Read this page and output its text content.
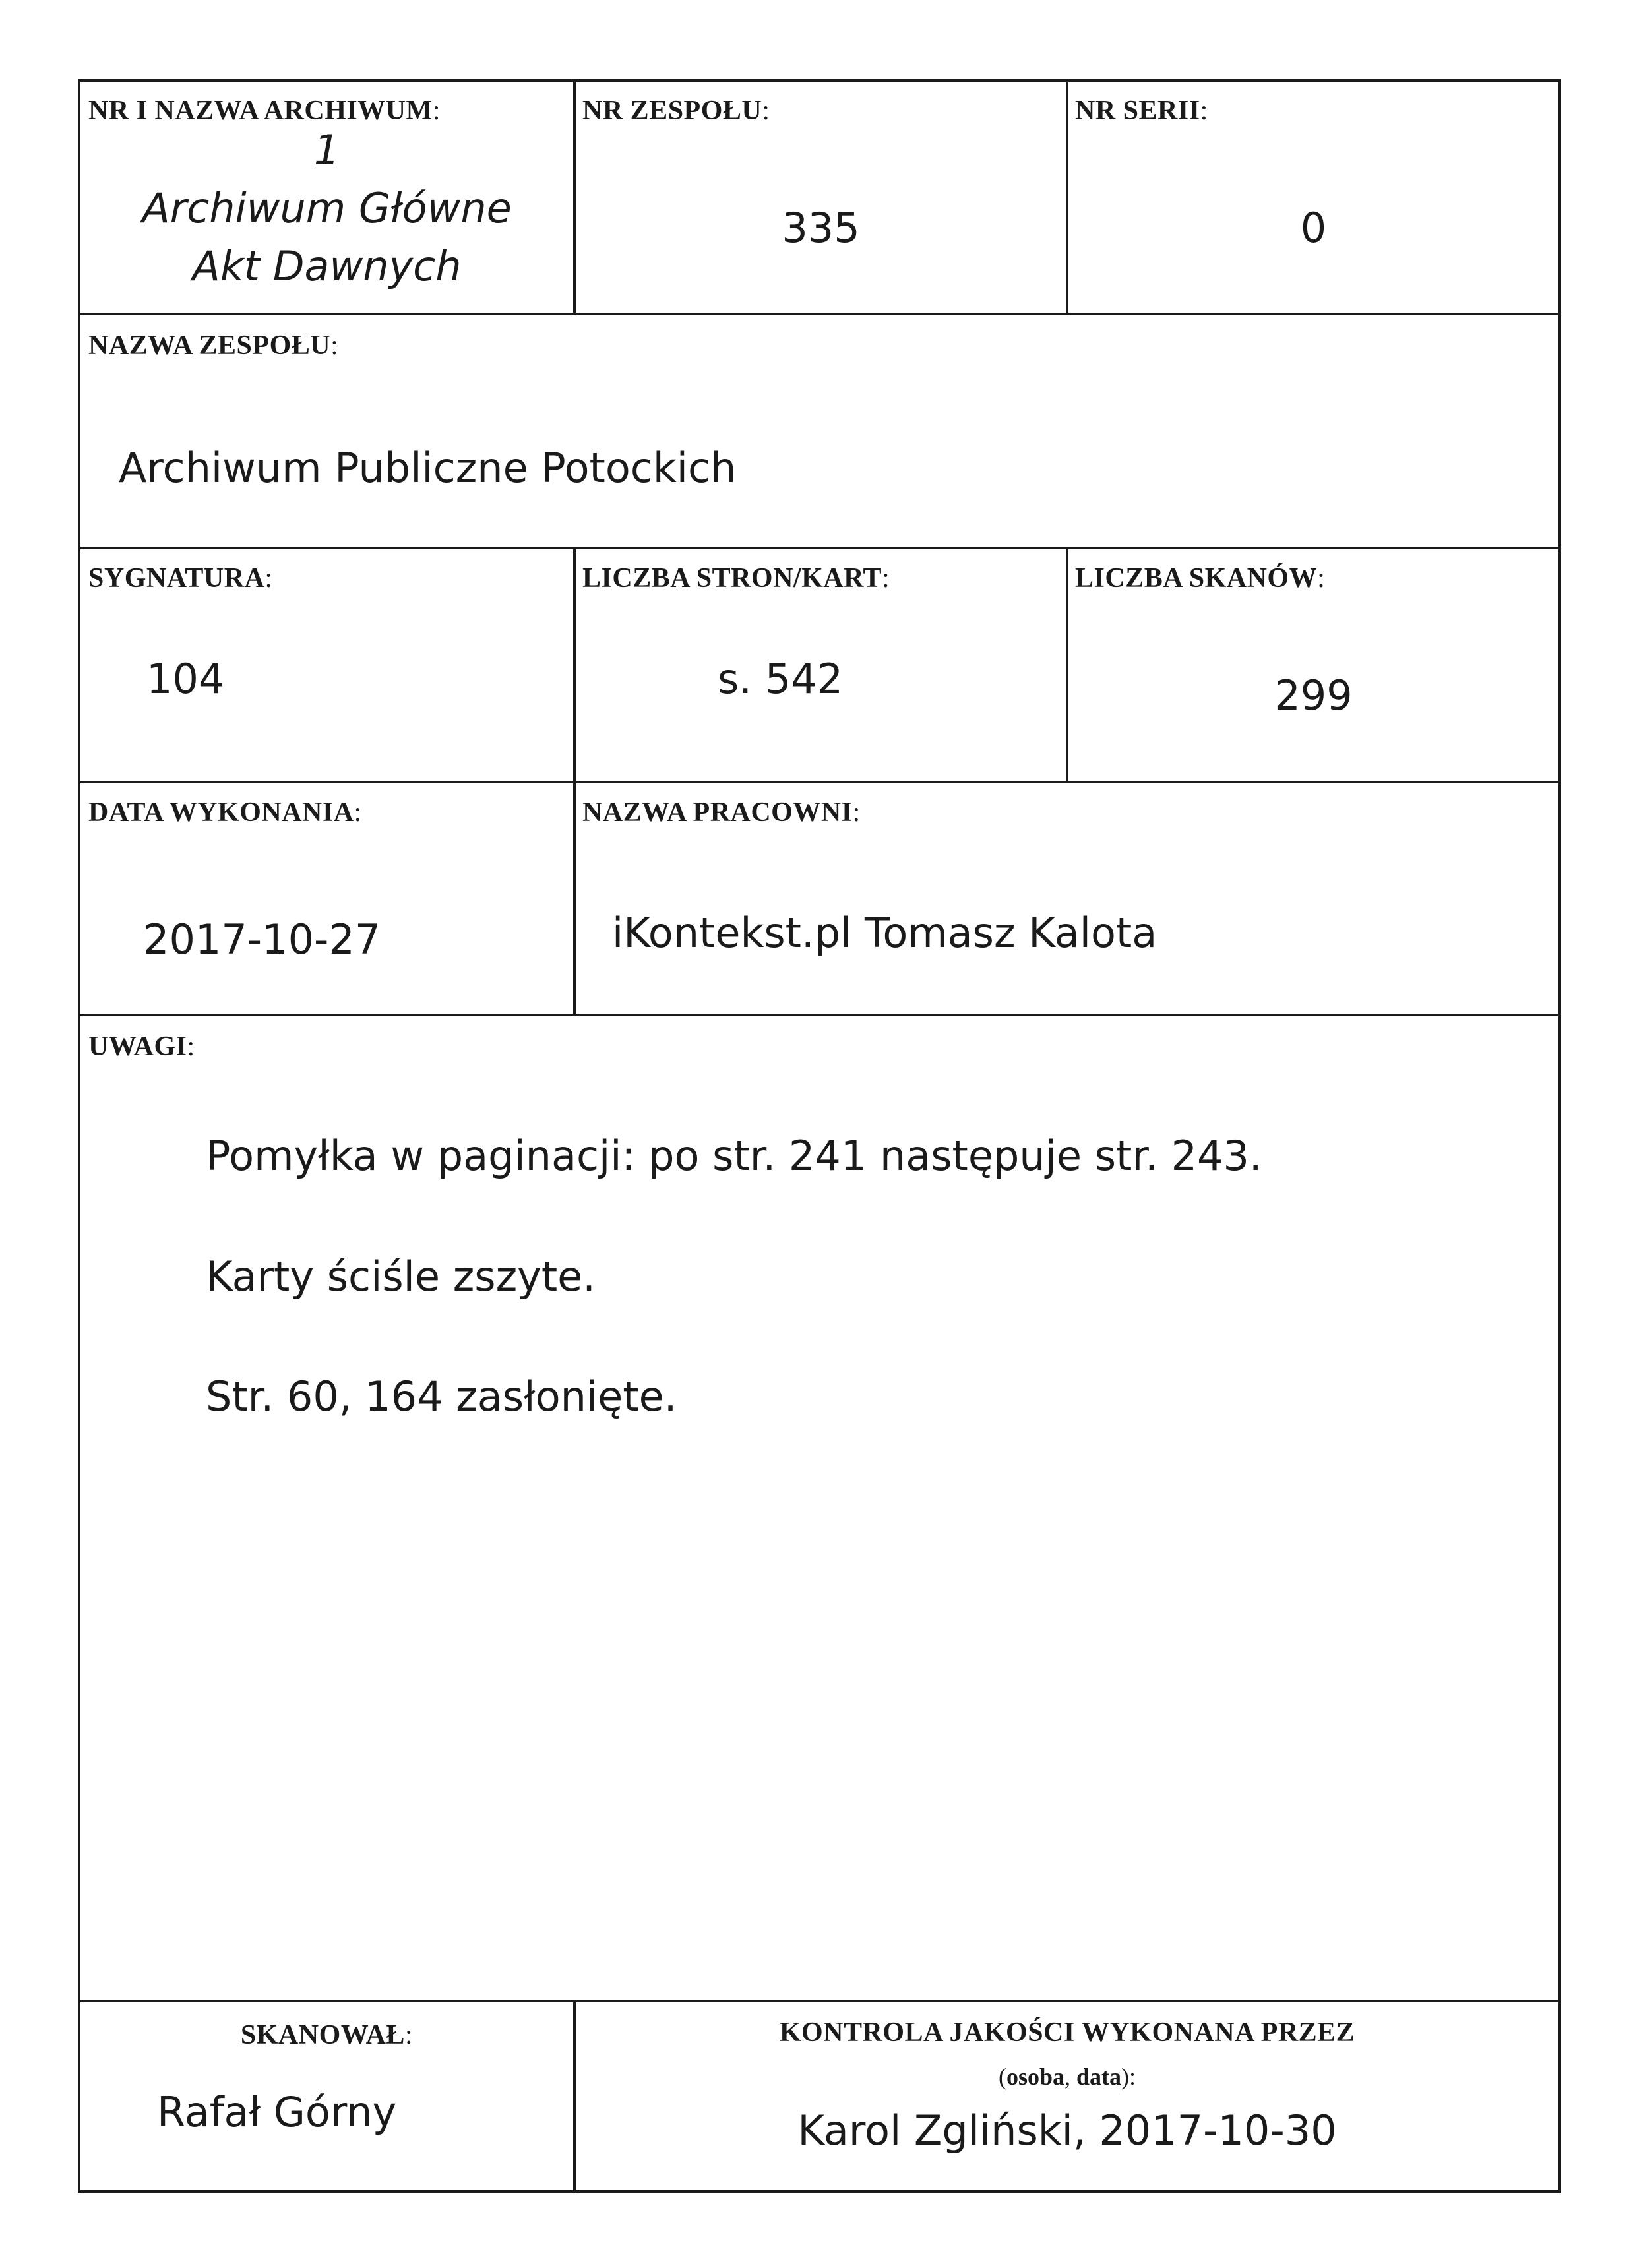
NR I NAZWA ARCHIWUM:
1
Archiwum Główne
Akt Dawnych
NR ZESPOŁU:
335
NR SERII:
0
NAZWA ZESPOŁU:
Archiwum Publiczne Potockich
SYGNATURA:
104
LICZBA STRON/KART:
s. 542
LICZBA SKANÓW:
299
DATA WYKONANIA:
2017-10-27
NAZWA PRACOWNI:
iKontekst.pl Tomasz Kalota
UWAGI:
Pomyłka w paginacji: po str. 241 następuje str. 243.
Karty ściśle zszyte.
Str. 60, 164 zasłonięte.
SKANOWAŁ:
Rafał Górny
KONTROLA JAKOŚCI WYKONANA PRZEZ
(osoba, data):
Karol Zgliński, 2017-10-30
